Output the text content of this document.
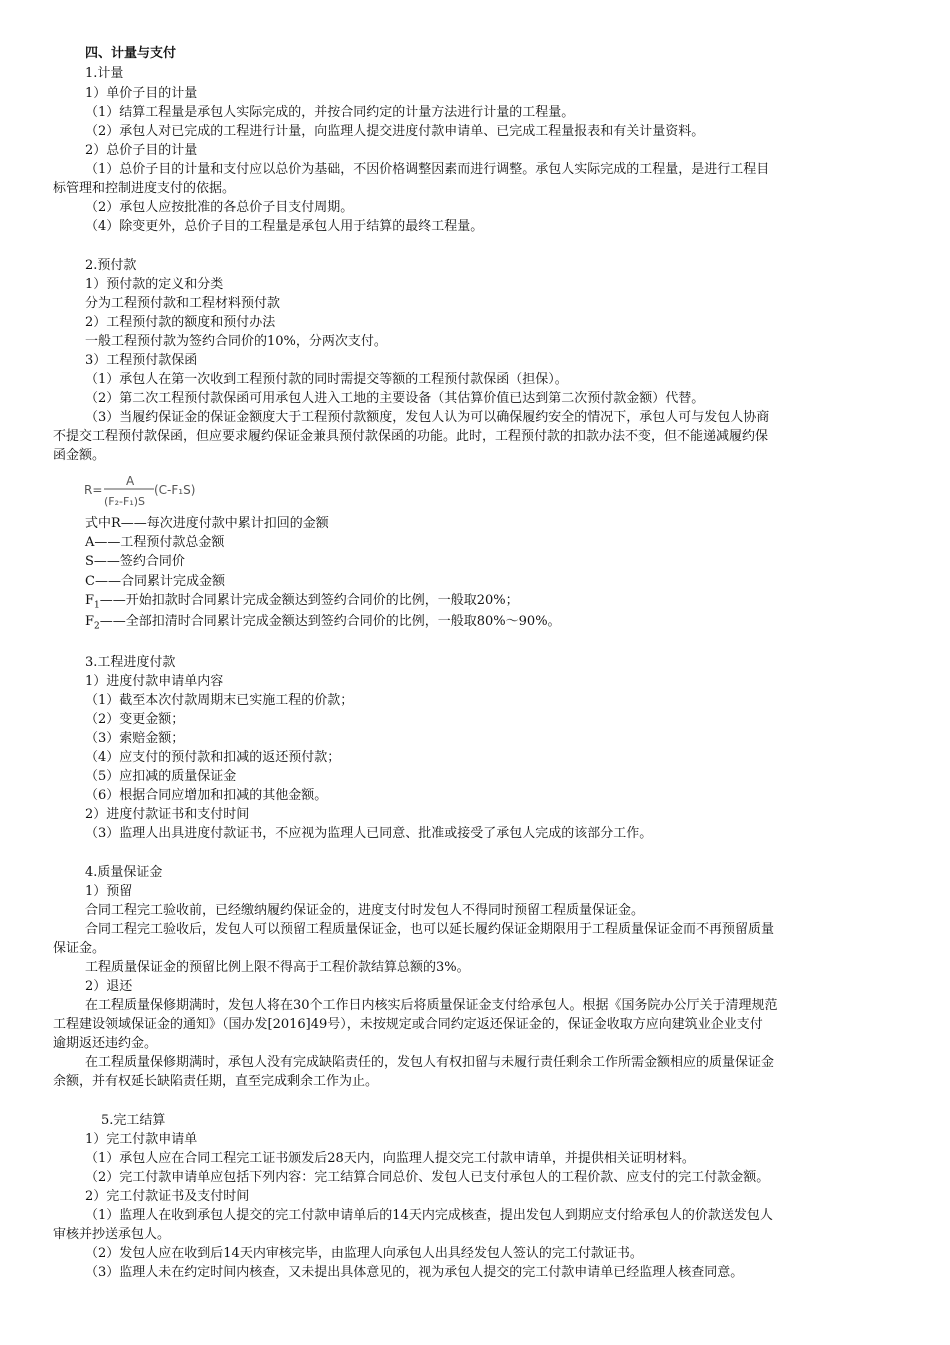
四、计量与支付
1.计量
1）单价子目的计量
（1）结算工程量是承包人实际完成的，并按合同约定的计量方法进行计量的工程量。
（2）承包人对已完成的工程进行计量，向监理人提交进度付款申请单、已完成工程量报表和有关计量资料。
2）总价子目的计量
（1）总价子目的计量和支付应以总价为基础，不因价格调整因素而进行调整。承包人实际完成的工程量，是进行工程目
标管理和控制进度支付的依据。
（2）承包人应按批准的各总价子目支付周期。
（4）除变更外，总价子目的工程量是承包人用于结算的最终工程量。
2.预付款
1）预付款的定义和分类
分为工程预付款和工程材料预付款
2）工程预付款的额度和预付办法
一般工程预付款为签约合同价的10%，分两次支付。
3）工程预付款保函
（1）承包人在第一次收到工程预付款的同时需提交等额的工程预付款保函（担保）。
（2）第二次工程预付款保函可用承包人进入工地的主要设备（其估算价值已达到第二次预付款金额）代替。
（3）当履约保证金的保证金额度大于工程预付款额度，发包人认为可以确保履约安全的情况下，承包人可与发包人协商
不提交工程预付款保函，但应要求履约保证金兼具预付款保函的功能。此时，工程预付款的扣款办法不变，但不能递减履约保
函金额。
R=
A
(F₂-F₁)S
(C-F₁S)
式中R——每次进度付款中累计扣回的金额
A——工程预付款总金额
S——签约合同价
C——合同累计完成金额
$F_1——$开始扣款时合同累计完成金额达到签约合同价的比例，一般取20%；
$F_2——$全部扣清时合同累计完成金额达到签约合同价的比例，一般取80%～90%。
3.工程进度付款
1）进度付款申请单内容
（1）截至本次付款周期末已实施工程的价款；
（2）变更金额；
（3）索赔金额；
（4）应支付的预付款和扣减的返还预付款；
（5）应扣减的质量保证金
（6）根据合同应增加和扣减的其他金额。
2）进度付款证书和支付时间
（3）监理人出具进度付款证书，不应视为监理人已同意、批准或接受了承包人完成的该部分工作。
4.质量保证金
1）预留
合同工程完工验收前，已经缴纳履约保证金的，进度支付时发包人不得同时预留工程质量保证金。
合同工程完工验收后，发包人可以预留工程质量保证金，也可以延长履约保证金期限用于工程质量保证金而不再预留质量
保证金。
工程质量保证金的预留比例上限不得高于工程价款结算总额的3%。
2）退还
在工程质量保修期满时，发包人将在30个工作日内核实后将质量保证金支付给承包人。根据《国务院办公厅关于清理规范
工程建设领域保证金的通知》（国办发[2016]49号），未按规定或合同约定返还保证金的，保证金收取方应向建筑业企业支付
逾期返还违约金。
在工程质量保修期满时，承包人没有完成缺陷责任的，发包人有权扣留与未履行责任剩余工作所需金额相应的质量保证金
余额，并有权延长缺陷责任期，直至完成剩余工作为止。
5.完工结算
1）完工付款申请单
（1）承包人应在合同工程完工证书颁发后28天内，向监理人提交完工付款申请单，并提供相关证明材料。
（2）完工付款申请单应包括下列内容：完工结算合同总价、发包人已支付承包人的工程价款、应支付的完工付款金额。
2）完工付款证书及支付时间
（1）监理人在收到承包人提交的完工付款申请单后的14天内完成核查，提出发包人到期应支付给承包人的价款送发包人
审核并抄送承包人。
（2）发包人应在收到后14天内审核完毕，由监理人向承包人出具经发包人签认的完工付款证书。
（3）监理人未在约定时间内核查，又未提出具体意见的，视为承包人提交的完工付款申请单已经监理人核查同意。
